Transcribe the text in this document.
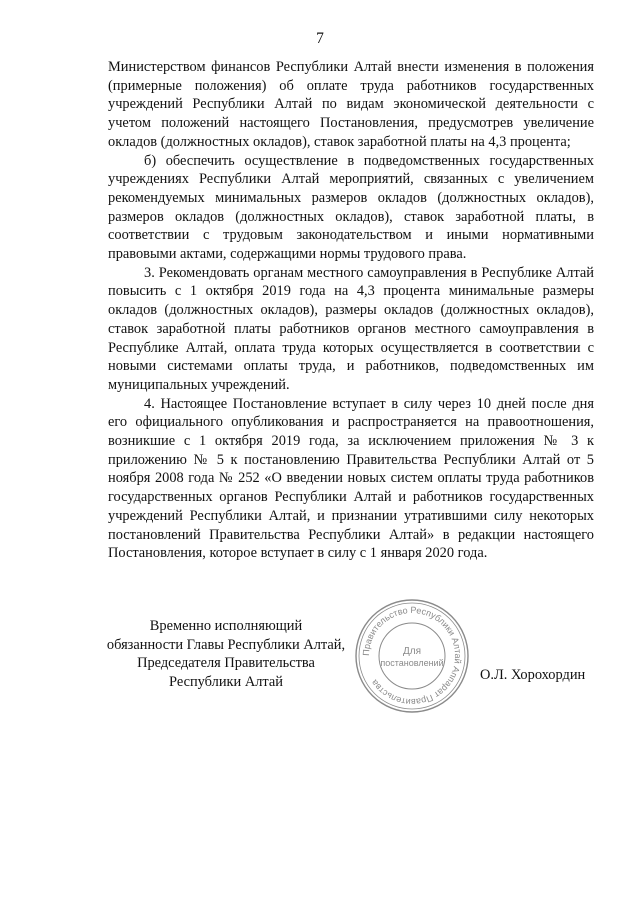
7

Министерством финансов Республики Алтай внести изменения в положения (примерные положения) об оплате труда работников государственных учреждений Республики Алтай по видам экономической деятельности с учетом положений настоящего Постановления, предусмотрев увеличение окладов (должностных окладов), ставок заработной платы на 4,3 процента;

б) обеспечить осуществление в подведомственных государственных учреждениях Республики Алтай мероприятий, связанных с увеличением рекомендуемых минимальных размеров окладов (должностных окладов), размеров окладов (должностных окладов), ставок заработной платы, в соответствии с трудовым законодательством и иными нормативными правовыми актами, содержащими нормы трудового права.

3. Рекомендовать органам местного самоуправления в Республике Алтай повысить с 1 октября 2019 года на 4,3 процента минимальные размеры окладов (должностных окладов), размеры окладов (должностных окладов), ставок заработной платы работников органов местного самоуправления в Республике Алтай, оплата труда которых осуществляется в соответствии с новыми системами оплаты труда, и работников, подведомственных им муниципальных учреждений.

4. Настоящее Постановление вступает в силу через 10 дней после дня его официального опубликования и распространяется на правоотношения, возникшие с 1 октября 2019 года, за исключением приложения № 3 к приложению № 5 к постановлению Правительства Республики Алтай от 5 ноября 2008 года № 252 «О введении новых систем оплаты труда работников государственных органов Республики Алтай и работников государственных учреждений Республики Алтай, и признании утратившими силу некоторых постановлений Правительства Республики Алтай» в редакции настоящего Постановления, которое вступает в силу с 1 января 2020 года.

Временно исполняющий
обязанности Главы Республики Алтай,
Председателя Правительства
Республики Алтай
Правительство Республики Алтай Аппарат Правительства
Для
постановлений
О.Л. Хорохордин
